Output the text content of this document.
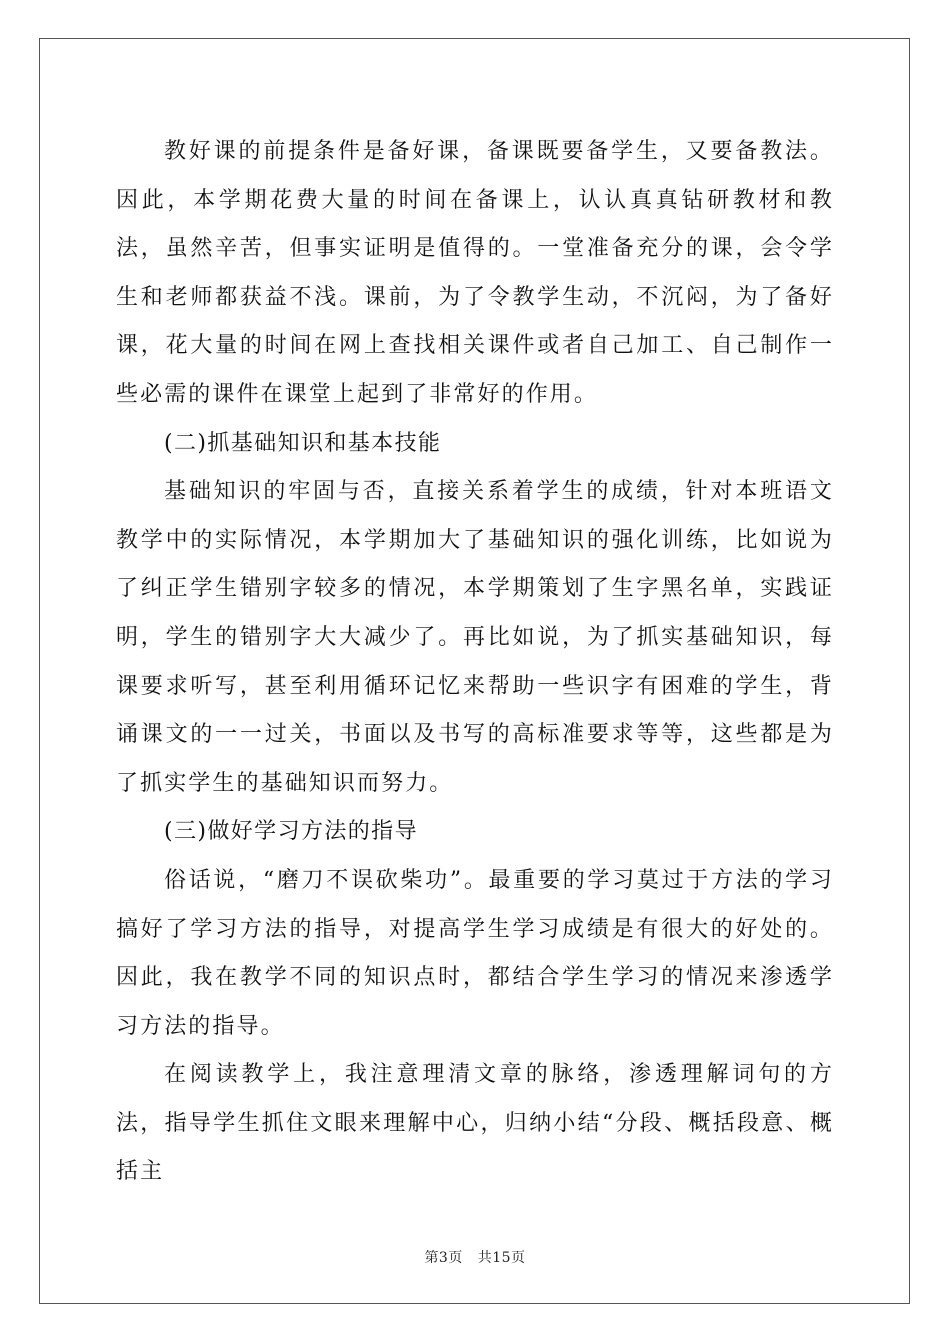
教好课的前提条件是备好课，备课既要备学生，又要备教法。因此，本学期花费大量的时间在备课上，认认真真钻研教材和教法，虽然辛苦，但事实证明是值得的。一堂准备充分的课，会令学生和老师都获益不浅。课前，为了令教学生动，不沉闷，为了备好课，花大量的时间在网上查找相关课件或者自己加工、自己制作一些必需的课件在课堂上起到了非常好的作用。

(二)抓基础知识和基本技能

基础知识的牢固与否，直接关系着学生的成绩，针对本班语文教学中的实际情况，本学期加大了基础知识的强化训练，比如说为了纠正学生错别字较多的情况，本学期策划了生字黑名单，实践证明，学生的错别字大大减少了。再比如说，为了抓实基础知识，每课要求听写，甚至利用循环记忆来帮助一些识字有困难的学生，背诵课文的一一过关，书面以及书写的高标准要求等等，这些都是为了抓实学生的基础知识而努力。

(三)做好学习方法的指导

俗话说，“磨刀不误砍柴功”。最重要的学习莫过于方法的学习搞好了学习方法的指导，对提高学生学习成绩是有很大的好处的。因此，我在教学不同的知识点时，都结合学生学习的情况来渗透学习方法的指导。

在阅读教学上，我注意理清文章的脉络，渗透理解词句的方法，指导学生抓住文眼来理解中心，归纳小结“分段、概括段意、概括主

第3页 共15页
